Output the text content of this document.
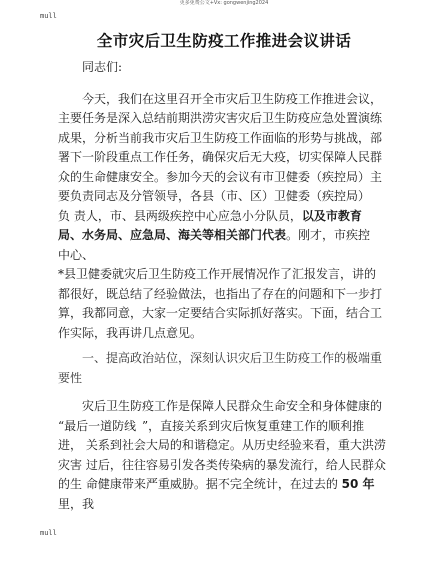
更多免费公文+Vx: gongwenjing2024
mull
全市灾后卫生防疫工作推进会议讲话
同志们:
今天，我们在这里召开全市灾后卫生防疫工作推进会议，
主要任务是深入总结前期洪涝灾害灾后卫生防疫应急处置演练
成果，分析当前我市灾后卫生防疫工作面临的形势与挑战，部
署下一阶段重点工作任务，确保灾后无大疫，切实保障人民群
众的生命健康安全。参加今天的会议有市卫健委（疾控局）主
要负责同志及分管领导，各县（市、区）卫健委（疾控局）
负 责人，市、县两级疾控中心应急小分队员，以及市教育
局、水务局、应急局、海关等相关部门代表。刚才，市疾控
中心、
*县卫健委就灾后卫生防疫工作开展情况作了汇报发言，讲的
都很好，既总结了经验做法，也指出了存在的问题和下一步打
算，我都同意，大家一定要结合实际抓好落实。下面，结合工
作实际，我再讲几点意见。
一、提高政治站位，深刻认识灾后卫生防疫工作的极端重
要性
灾后卫生防疫工作是保障人民群众生命安全和身体健康的
“最后一道防线 ”，直接关系到灾后恢复重建工作的顺利推
进， 关系到社会大局的和谐稳定。从历史经验来看，重大洪涝
灾害 过后，往往容易引发各类传染病的暴发流行，给人民群众
的生 命健康带来严重威胁。据不完全统计，在过去的 50 年
里，我
mull
